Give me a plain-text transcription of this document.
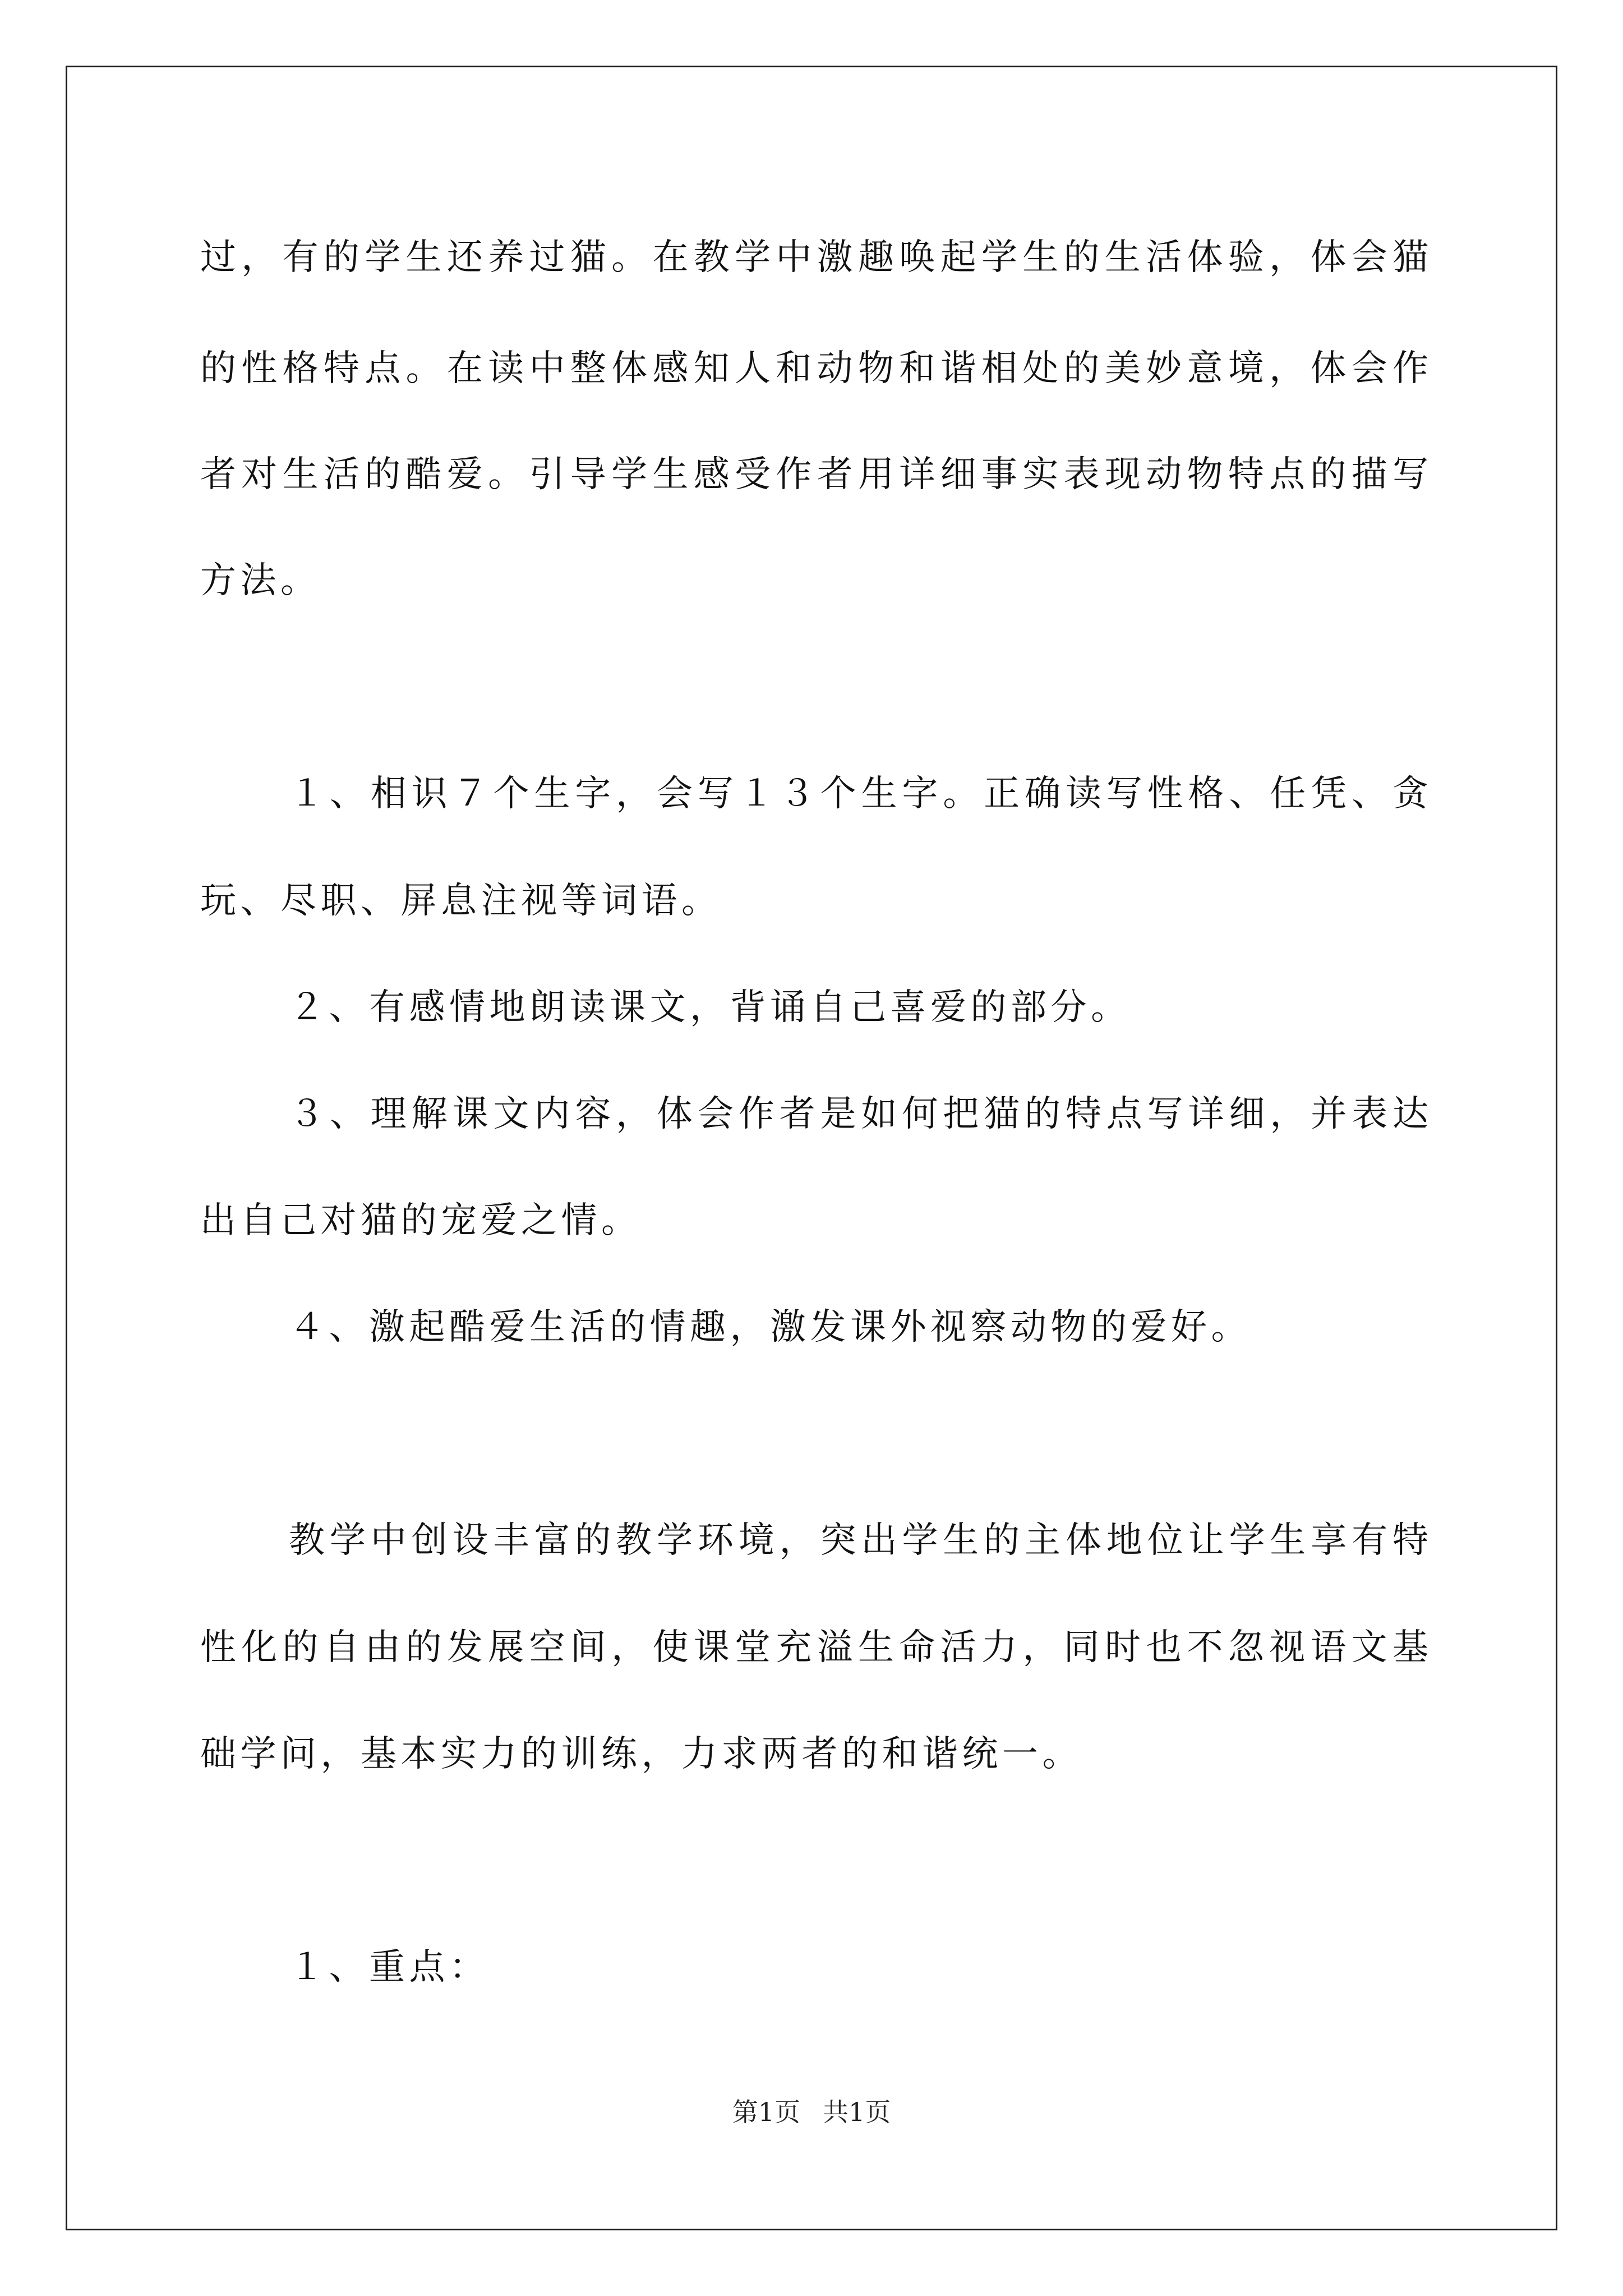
过，有的学生还养过猫。在教学中激趣唤起学生的生活体验，体会猫
的性格特点。在读中整体感知人和动物和谐相处的美妙意境，体会作
者对生活的酷爱。引导学生感受作者用详细事实表现动物特点的描写
方法。
１、相识７个生字，会写１３个生字。正确读写性格、任凭、贪
玩、尽职、屏息注视等词语。
２、有感情地朗读课文，背诵自己喜爱的部分。
３、理解课文内容，体会作者是如何把猫的特点写详细，并表达
出自己对猫的宠爱之情。
４、激起酷爱生活的情趣，激发课外视察动物的爱好。
教学中创设丰富的教学环境，突出学生的主体地位让学生享有特
性化的自由的发展空间，使课堂充溢生命活力，同时也不忽视语文基
础学问，基本实力的训练，力求两者的和谐统一。
１、重点：
第1页 共1页
